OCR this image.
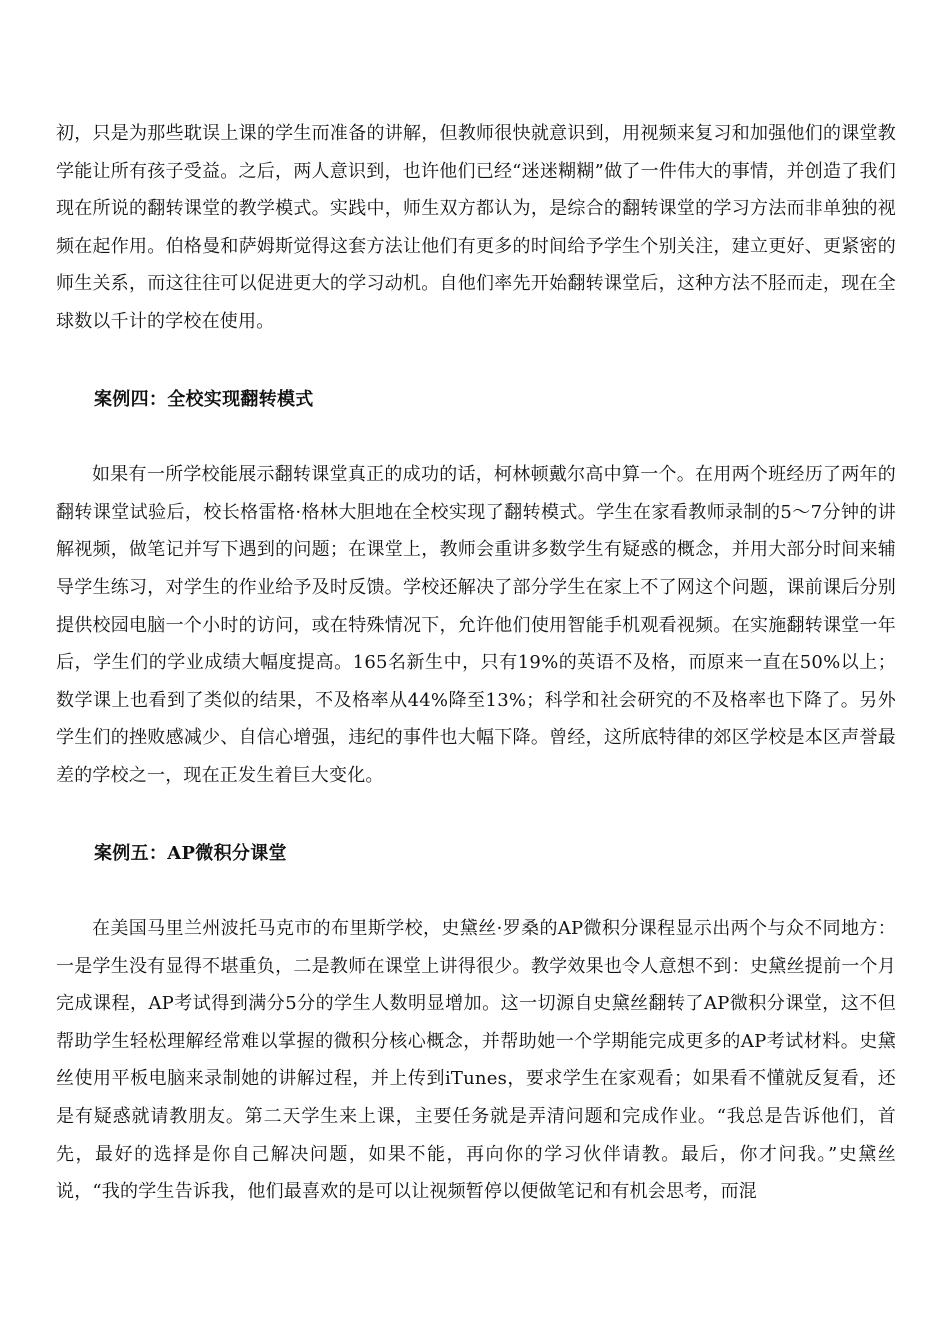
初，只是为那些耽误上课的学生而准备的讲解，但教师很快就意识到，用视频来复习和加强他们的课堂教学能让所有孩子受益。之后，两人意识到，也许他们已经“迷迷糊糊”做了一件伟大的事情，并创造了我们现在所说的翻转课堂的教学模式。实践中，师生双方都认为，是综合的翻转课堂的学习方法而非单独的视频在起作用。伯格曼和萨姆斯觉得这套方法让他们有更多的时间给予学生个别关注，建立更好、更紧密的师生关系，而这往往可以促进更大的学习动机。自他们率先开始翻转课堂后，这种方法不胫而走，现在全球数以千计的学校在使用。

案例四：全校实现翻转模式

如果有一所学校能展示翻转课堂真正的成功的话，柯林顿戴尔高中算一个。在用两个班经历了两年的翻转课堂试验后，校长格雷格·格林大胆地在全校实现了翻转模式。学生在家看教师录制的5～7分钟的讲解视频，做笔记并写下遇到的问题；在课堂上，教师会重讲多数学生有疑惑的概念，并用大部分时间来辅导学生练习，对学生的作业给予及时反馈。学校还解决了部分学生在家上不了网这个问题，课前课后分别提供校园电脑一个小时的访问，或在特殊情况下，允许他们使用智能手机观看视频。在实施翻转课堂一年后，学生们的学业成绩大幅度提高。165名新生中，只有19%的英语不及格，而原来一直在50%以上；数学课上也看到了类似的结果，不及格率从44%降至13%；科学和社会研究的不及格率也下降了。另外学生们的挫败感减少、自信心增强，违纪的事件也大幅下降。曾经，这所底特律的郊区学校是本区声誉最差的学校之一，现在正发生着巨大变化。

案例五：AP微积分课堂

在美国马里兰州波托马克市的布里斯学校，史黛丝·罗桑的AP微积分课程显示出两个与众不同地方：一是学生没有显得不堪重负，二是教师在课堂上讲得很少。教学效果也令人意想不到：史黛丝提前一个月完成课程，AP考试得到满分5分的学生人数明显增加。这一切源自史黛丝翻转了AP微积分课堂，这不但帮助学生轻松理解经常难以掌握的微积分核心概念，并帮助她一个学期能完成更多的AP考试材料。史黛丝使用平板电脑来录制她的讲解过程，并上传到iTunes，要求学生在家观看；如果看不懂就反复看，还是有疑惑就请教朋友。第二天学生来上课，主要任务就是弄清问题和完成作业。“我总是告诉他们，首先，最好的选择是你自己解决问题，如果不能，再向你的学习伙伴请教。最后，你才问我。”史黛丝说，“我的学生告诉我，他们最喜欢的是可以让视频暂停以便做笔记和有机会思考，而混
